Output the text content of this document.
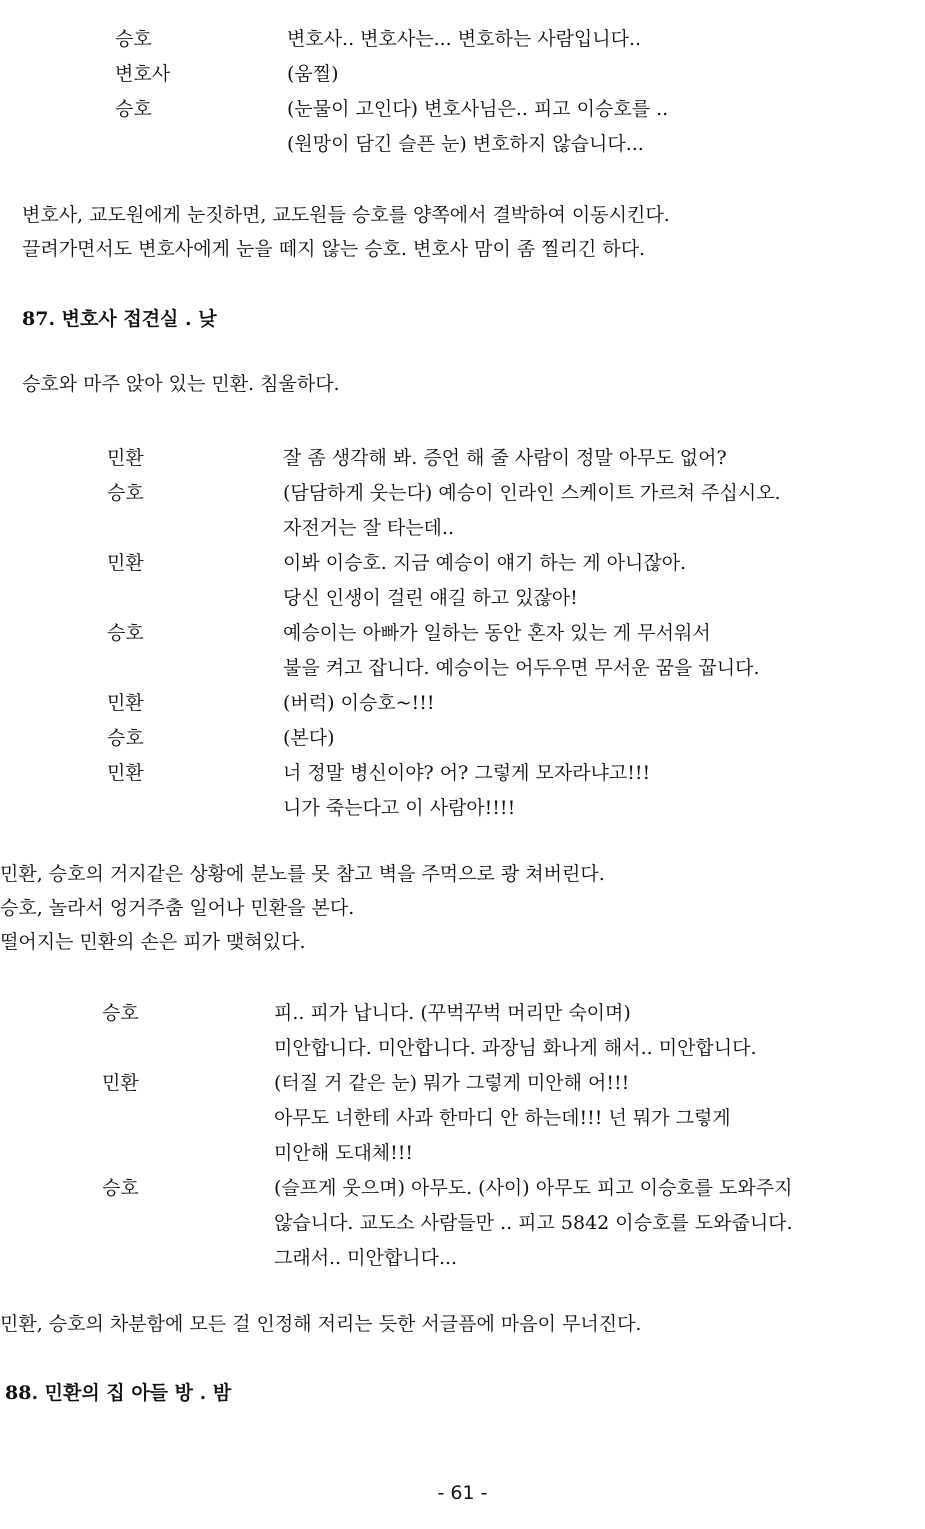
승호	변호사.. 변호사는... 변호하는 사람입니다..
변호사	(움찔)
승호	(눈물이 고인다) 변호사님은.. 피고 이승호를 ..
(원망이 담긴 슬픈 눈) 변호하지 않습니다...
변호사, 교도원에게 눈짓하면, 교도원들 승호를 양쪽에서 결박하여 이동시킨다.
끌려가면서도 변호사에게 눈을 떼지 않는 승호. 변호사 맘이 좀 찔리긴 하다.
87. 변호사 접견실 . 낮
승호와 마주 앉아 있는 민환. 침울하다.
민환	잘 좀 생각해 봐. 증언 해 줄 사람이 정말 아무도 없어?
승호	(담담하게 웃는다) 예승이 인라인 스케이트 가르쳐 주십시오.
자전거는 잘 타는데..
민환	이봐 이승호. 지금 예승이 얘기 하는 게 아니잖아.
당신 인생이 걸린 얘길 하고 있잖아!
승호	예승이는 아빠가 일하는 동안 혼자 있는 게 무서워서
불을 켜고 잡니다. 예승이는 어두우면 무서운 꿈을 꿉니다.
민환	(버럭) 이승호~!!!
승호	(본다)
민환	너 정말 병신이야? 어? 그렇게 모자라냐고!!!
니가 죽는다고 이 사람아!!!!
민환, 승호의 거지같은 상황에 분노를 못 참고 벽을 주먹으로 쾅 쳐버린다.
승호, 놀라서 엉거주춤 일어나 민환을 본다.
떨어지는 민환의 손은 피가 맺혀있다.
승호	피.. 피가 납니다. (꾸벅꾸벅 머리만 숙이며)
미안합니다. 미안합니다. 과장님 화나게 해서.. 미안합니다.
민환	(터질 거 같은 눈) 뭐가 그렇게 미안해 어!!!
아무도 너한테 사과 한마디 안 하는데!!! 넌 뭐가 그렇게
미안해 도대체!!!
승호	(슬프게 웃으며) 아무도. (사이) 아무도 피고 이승호를 도와주지
않습니다. 교도소 사람들만 .. 피고 5842 이승호를 도와줍니다.
그래서.. 미안합니다...
민환, 승호의 차분함에 모든 걸 인정해 저리는 듯한 서글픔에 마음이 무너진다.
88. 민환의 집 아들 방 . 밤
- 61 -
